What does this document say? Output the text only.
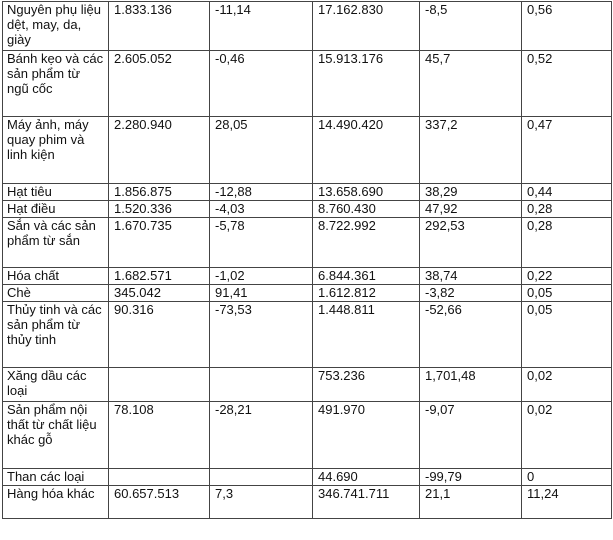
Nguyên phụ liệu dệt, may, da, giày	1.833.136	-11,14	17.162.830	-8,5	0,56
Bánh kẹo và các sản phẩm từ ngũ cốc	2.605.052	-0,46	15.913.176	45,7	0,52
Máy ảnh, máy quay phim và linh kiện	2.280.940	28,05	14.490.420	337,2	0,47
Hạt tiêu	1.856.875	-12,88	13.658.690	38,29	0,44
Hạt điều	1.520.336	-4,03	8.760.430	47,92	0,28
Sắn và các sản phẩm từ sắn	1.670.735	-5,78	8.722.992	292,53	0,28
Hóa chất	1.682.571	-1,02	6.844.361	38,74	0,22
Chè	345.042	91,41	1.612.812	-3,82	0,05
Thủy tinh và các sản phẩm từ thủy tinh	90.316	-73,53	1.448.811	-52,66	0,05
Xăng dầu các loại			753.236	1,701,48	0,02
Sản phẩm nội thất từ chất liệu khác gỗ	78.108	-28,21	491.970	-9,07	0,02
Than các loại			44.690	-99,79	0
Hàng hóa khác	60.657.513	7,3	346.741.711	21,1	11,24
